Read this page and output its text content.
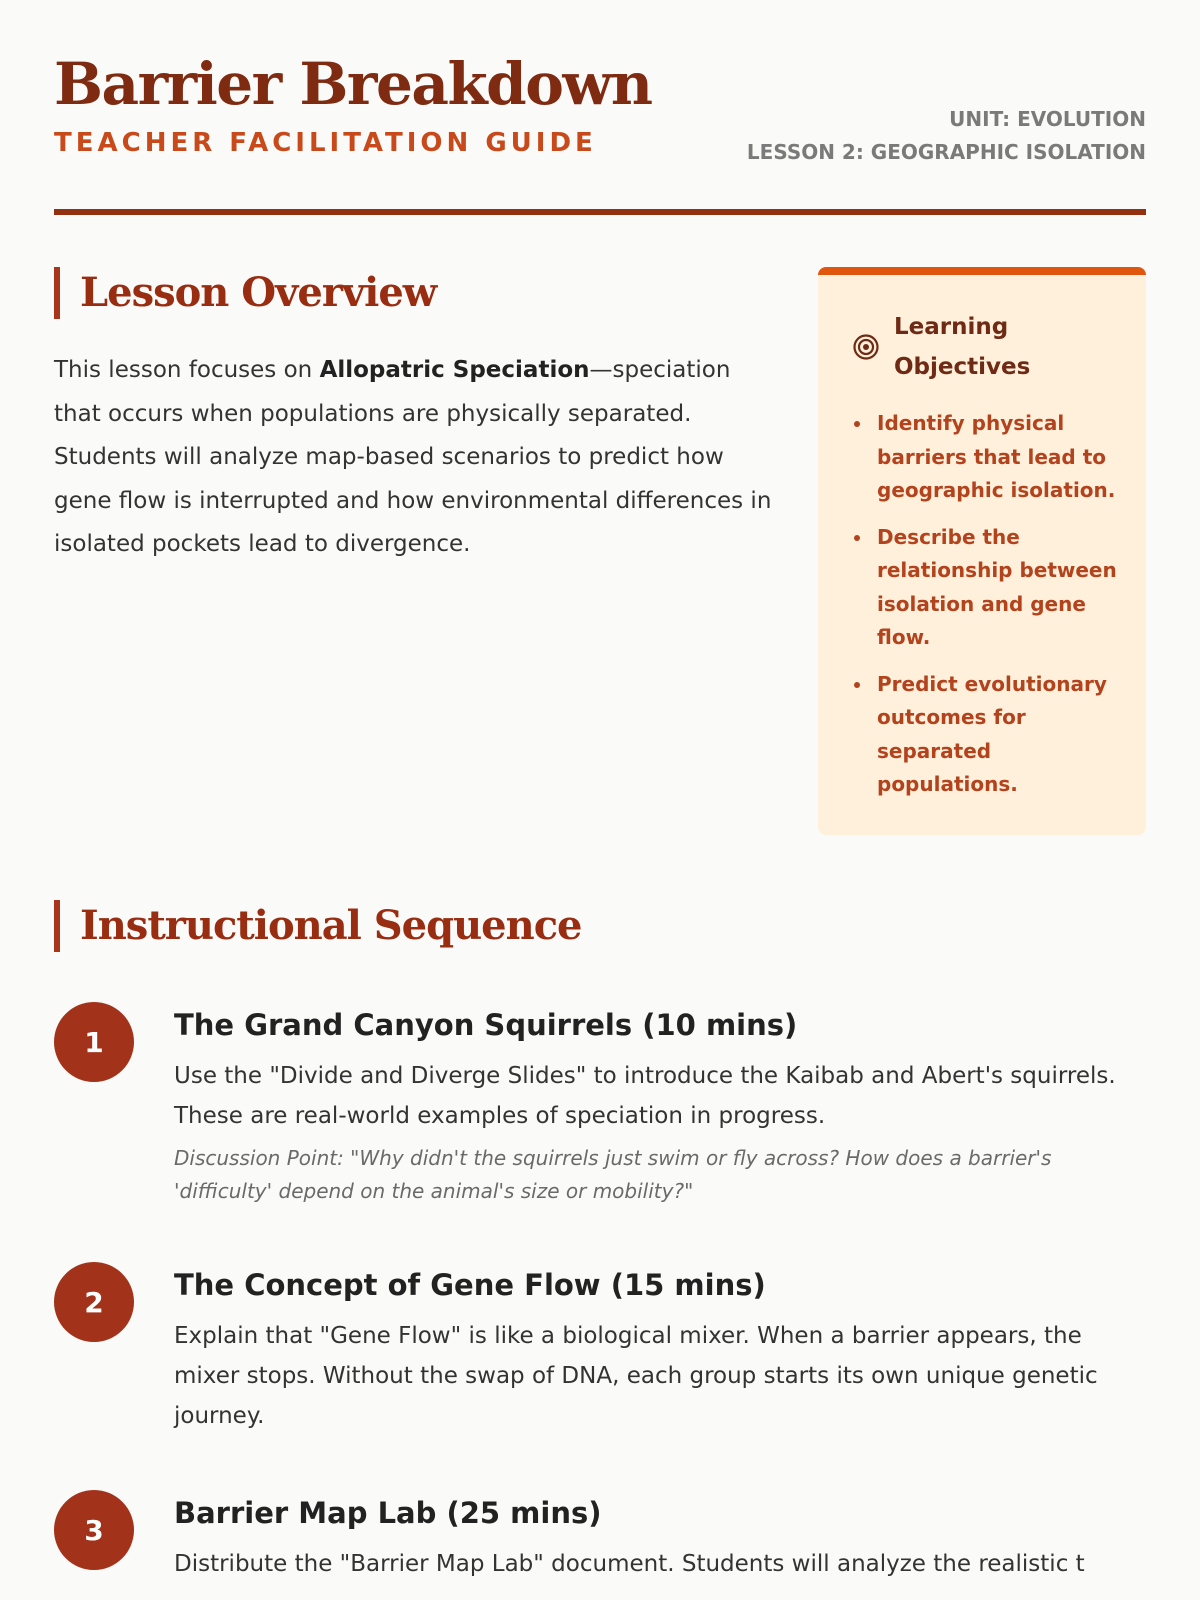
Barrier Breakdown
TEACHER FACILITATION GUIDE
UNIT: EVOLUTION
LESSON 2: GEOGRAPHIC ISOLATION
Lesson Overview

This lesson focuses on Allopatric Speciation—speciation that occurs when populations are physically separated. Students will analyze map-based scenarios to predict how gene flow is interrupted and how environmental differences in isolated pockets lead to divergence.

Learning Objectives
Identify physical barriers that lead to geographic isolation.
Describe the relationship between isolation and gene flow.
Predict evolutionary outcomes for separated populations.
Instructional Sequence
1	The Grand Canyon Squirrels (10 mins)

Use the "Divide and Diverge Slides" to introduce the Kaibab and Abert's squirrels. These are real-world examples of speciation in progress.

Discussion Point: "Why didn't the squirrels just swim or fly across? How does a barrier's 'difficulty' depend on the animal's size or mobility?"

2	The Concept of Gene Flow (15 mins)

Explain that "Gene Flow" is like a biological mixer. When a barrier appears, the mixer stops. Without the swap of DNA, each group starts its own unique genetic journey.

3	Barrier Map Lab (25 mins)

Distribute the "Barrier Map Lab" document. Students will analyze the realistic t
